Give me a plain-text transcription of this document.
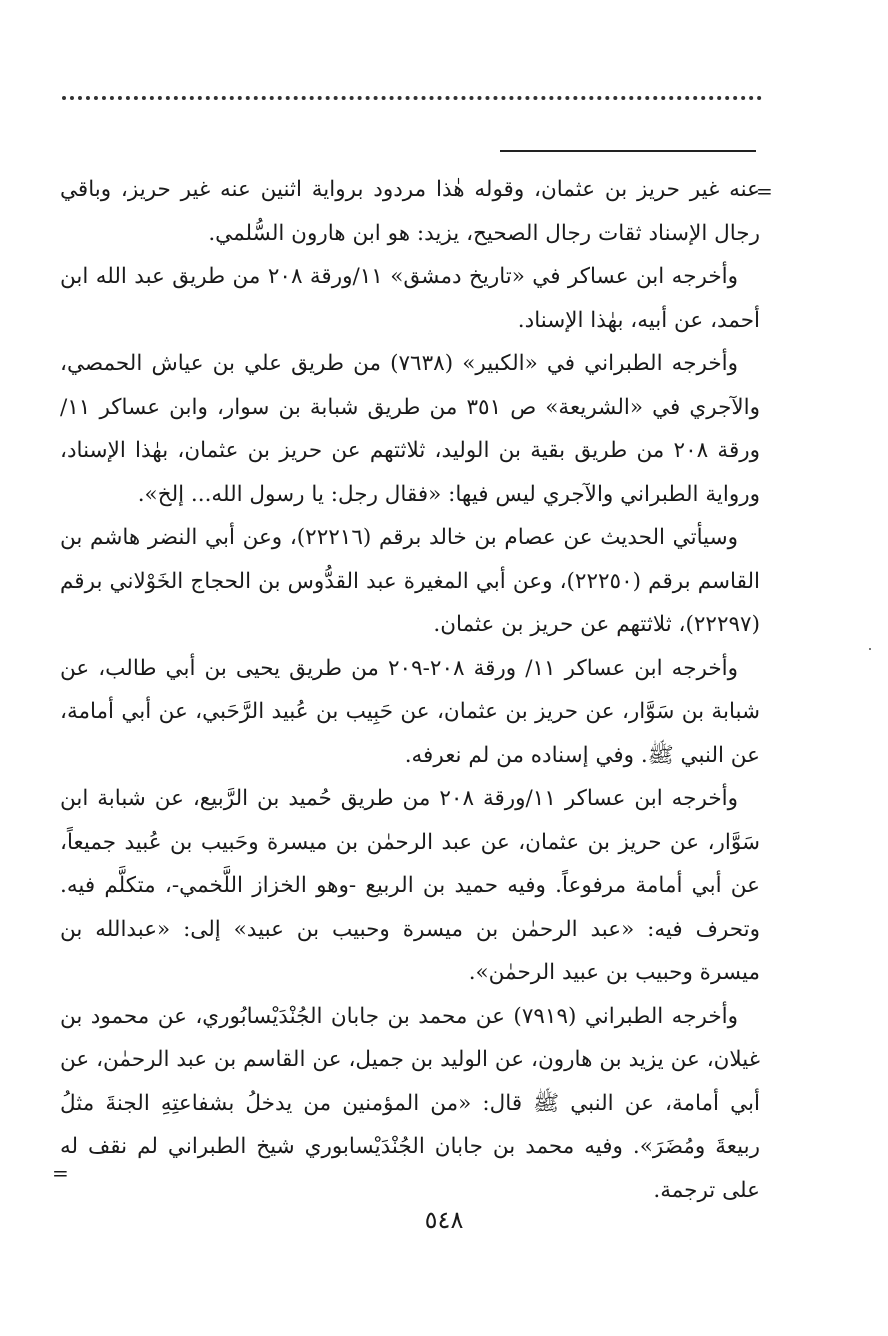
=

عنه غير حريز بن عثمان، وقوله هٰذا مردود برواية اثنين عنه غير حريز، وباقي رجال الإسناد ثقات رجال الصحيح، يزيد: هو ابن هارون السُّلمي.

وأخرجه ابن عساكر في «تاريخ دمشق» ١١/ورقة ٢٠٨ من طريق عبد الله ابن أحمد، عن أبيه، بهٰذا الإسناد.

وأخرجه الطبراني في «الكبير» (٧٦٣٨) من طريق علي بن عياش الحمصي، والآجري في «الشريعة» ص ٣٥١ من طريق شبابة بن سوار، وابن عساكر ١١/ ورقة ٢٠٨ من طريق بقية بن الوليد، ثلاثتهم عن حريز بن عثمان، بهٰذا الإسناد، ورواية الطبراني والآجري ليس فيها: «فقال رجل: يا رسول الله... إلخ».

وسيأتي الحديث عن عصام بن خالد برقم (٢٢٢١٦)، وعن أبي النضر هاشم بن القاسم برقم (٢٢٢٥٠)، وعن أبي المغيرة عبد القدُّوس بن الحجاج الخَوْلاني برقم (٢٢٢٩٧)، ثلاثتهم عن حريز بن عثمان.

وأخرجه ابن عساكر ١١/ ورقة ٢٠٨-٢٠٩ من طريق يحيى بن أبي طالب، عن شبابة بن سَوَّار، عن حريز بن عثمان، عن حَبِيب بن عُبيد الرَّحَبي، عن أبي أمامة، عن النبي ﷺ. وفي إسناده من لم نعرفه.

وأخرجه ابن عساكر ١١/ورقة ٢٠٨ من طريق حُميد بن الرَّبيع، عن شبابة ابن سَوَّار، عن حريز بن عثمان، عن عبد الرحمٰن بن ميسرة وحَبيب بن عُبيد جميعاً، عن أبي أمامة مرفوعاً. وفيه حميد بن الربيع -وهو الخزاز اللَّخمي-، متكلَّم فيه. وتحرف فيه: «عبد الرحمٰن بن ميسرة وحبيب بن عبيد» إلى: «عبدالله بن ميسرة وحبيب بن عبيد الرحمٰن».

وأخرجه الطبراني (٧٩١٩) عن محمد بن جابان الجُنْدَيْسابُوري، عن محمود بن غيلان، عن يزيد بن هارون، عن الوليد بن جميل، عن القاسم بن عبد الرحمٰن، عن أبي أمامة، عن النبي ﷺ قال: «من المؤمنين من يدخلُ بشفاعتِهِ الجنةَ مثلُ ربيعةَ ومُضَرَ». وفيه محمد بن جابان الجُنْدَيْسابوري شيخ الطبراني لم نقف له على ترجمة.

=
٥٤٨
